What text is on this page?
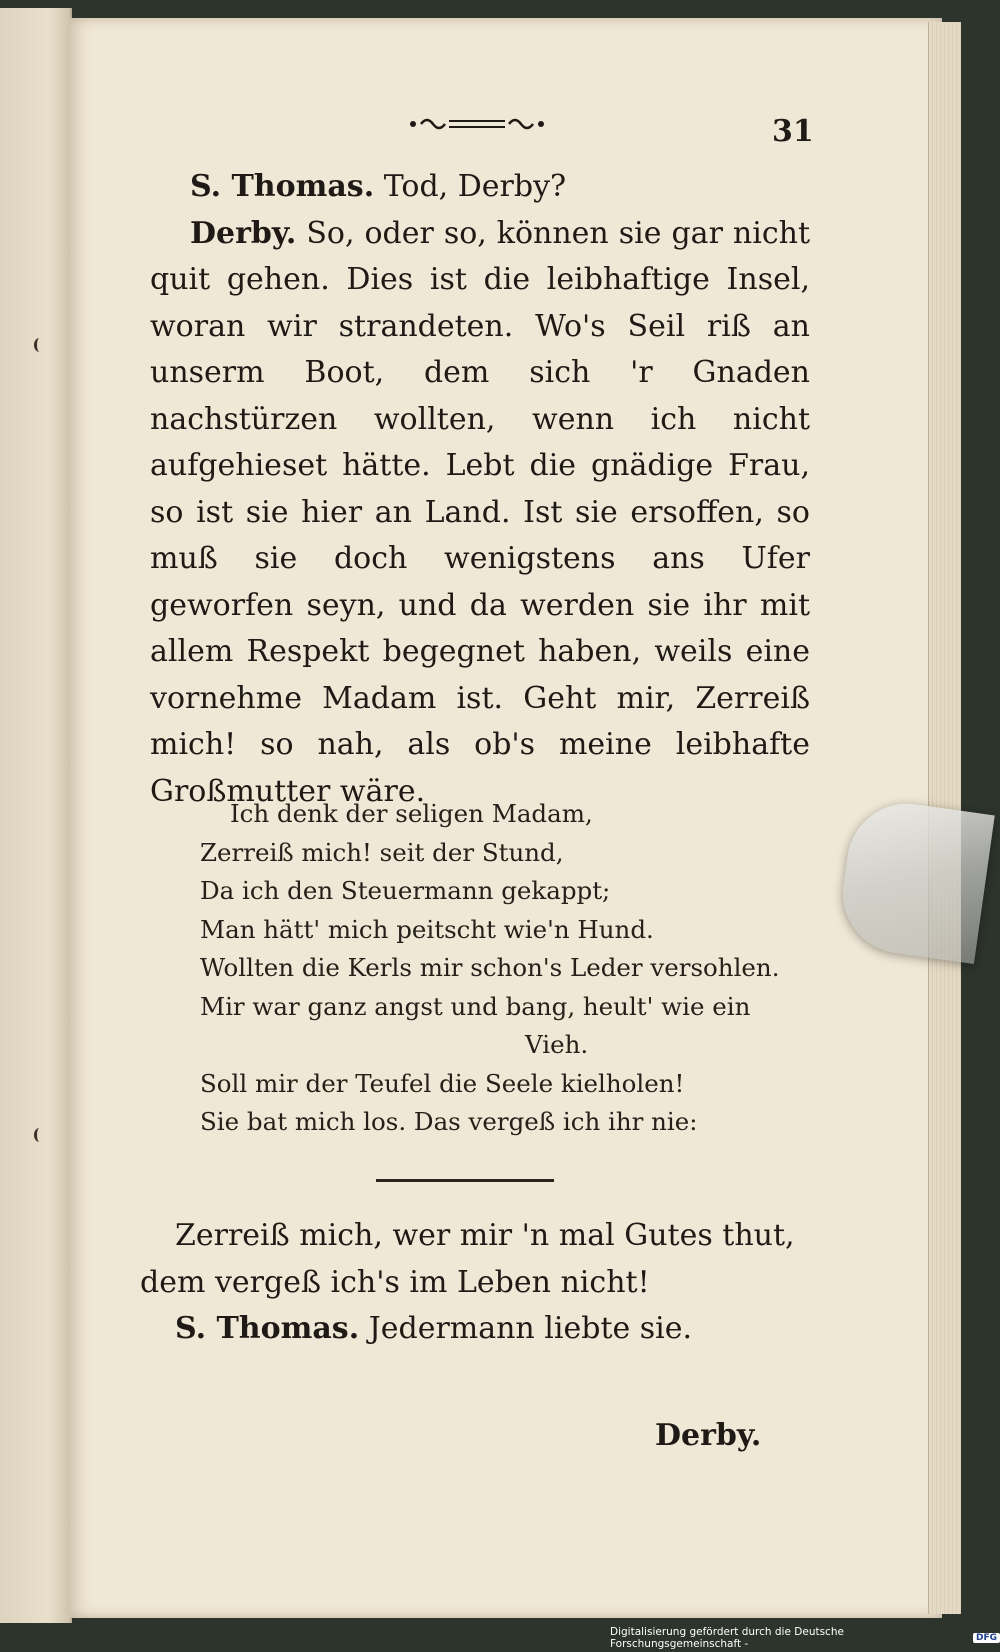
31

S. Thomas. Tod, Derby?

Derby. So, oder so, können sie gar nicht quit gehen. Dies ist die leibhaftige Insel, woran wir strandeten. Wo's Seil riß an unserm Boot, dem sich 'r Gnaden nachstürzen wollten, wenn ich nicht aufgehieset hätte. Lebt die gnädige Frau, so ist sie hier an Land. Ist sie ersoffen, so muß sie doch wenigstens ans Ufer geworfen seyn, und da werden sie ihr mit allem Respekt begegnet haben, weils eine vornehme Madam ist. Geht mir, Zerreiß mich! so nah, als ob's meine leibhafte Großmutter wäre.

Ich denk der seligen Madam,
Zerreiß mich! seit der Stund,
Da ich den Steuermann gekappt;
Man hätt' mich peitscht wie'n Hund.
Wollten die Kerls mir schon's Leder versohlen.
Mir war ganz angst und bang, heult' wie ein
Vieh.
Soll mir der Teufel die Seele kielholen!
Sie bat mich los. Das vergeß ich ihr nie:

Zerreiß mich, wer mir 'n mal Gutes thut,

dem vergeß ich's im Leben nicht!

S. Thomas. Jedermann liebte sie.

Derby.
Digitalisierung gefördert durch die Deutsche Forschungsgemeinschaft -	DFG
